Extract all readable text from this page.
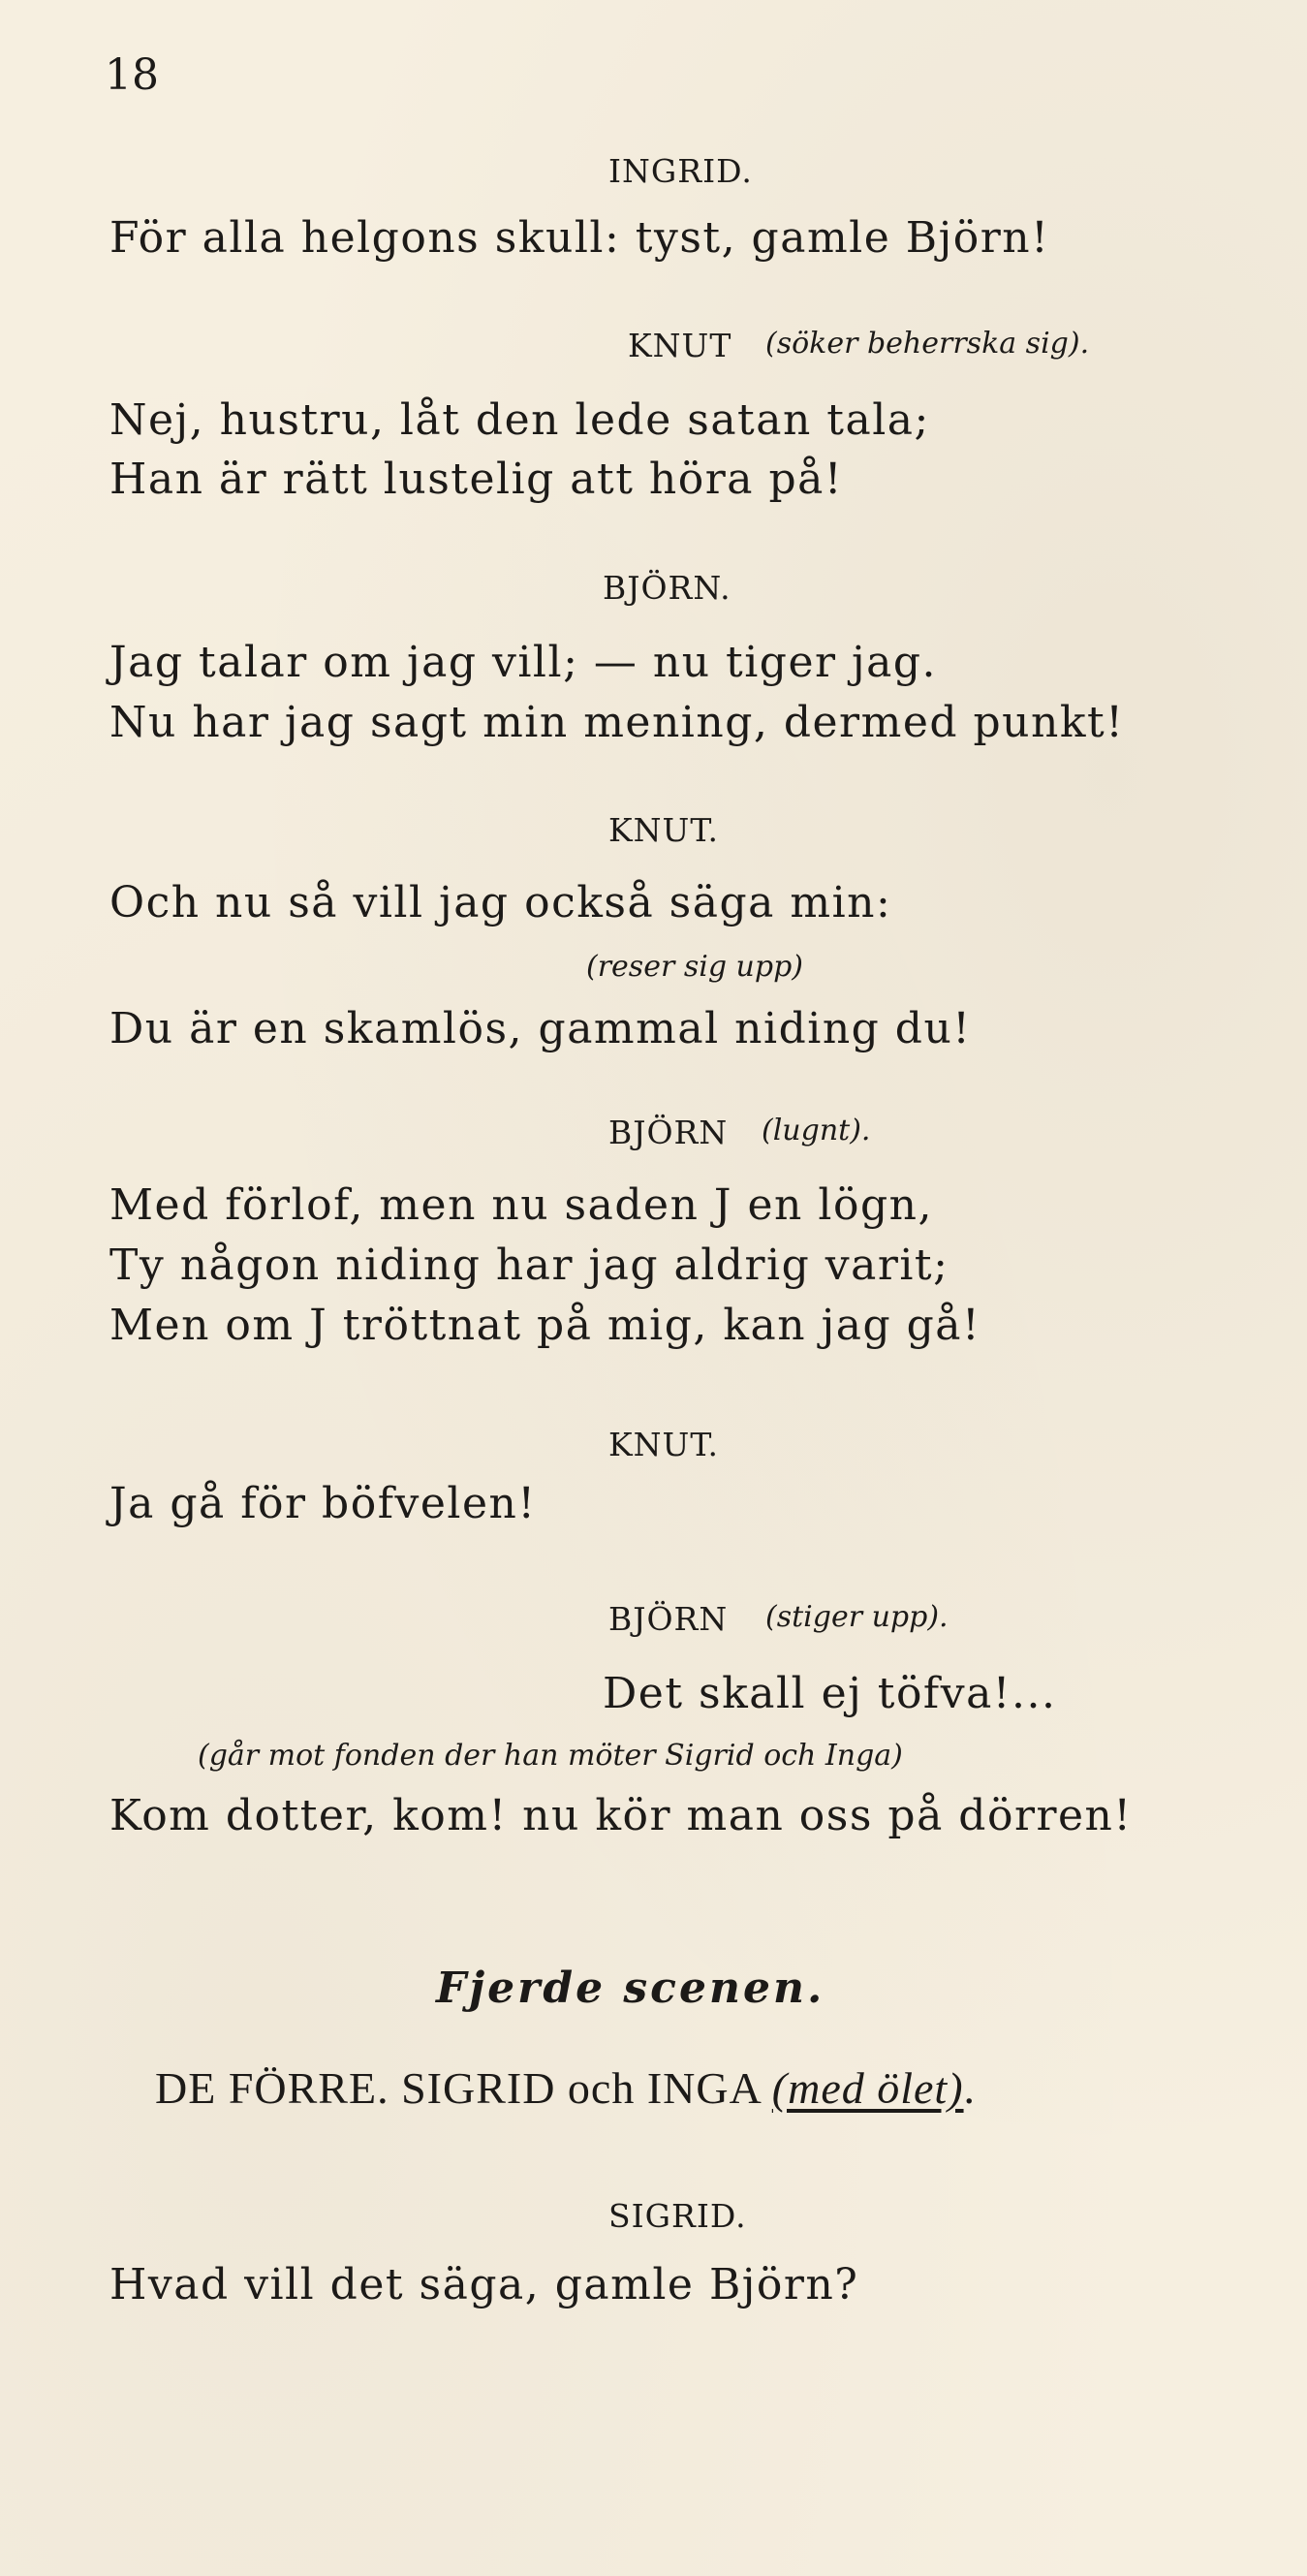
18
INGRID.
För alla helgons skull: tyst, gamle Björn!
KNUT (söker beherrska sig).
Nej, hustru, låt den lede satan tala;
Han är rätt lustelig att höra på!
BJÖRN.
Jag talar om jag vill; — nu tiger jag.
Nu har jag sagt min mening, dermed punkt!
KNUT.
Och nu så vill jag också säga min:
(reser sig upp)
Du är en skamlös, gammal niding du!
BJÖRN (lugnt).
Med förlof, men nu saden J en lögn,
Ty någon niding har jag aldrig varit;
Men om J tröttnat på mig, kan jag gå!
KNUT.
Ja gå för böfvelen!
BJÖRN (stiger upp).
Det skall ej töfva!...
(går mot fonden der han möter Sigrid och Inga)
Kom dotter, kom! nu kör man oss på dörren!
Fjerde scenen.
DE FÖRRE. SIGRID och INGA (med ölet).
SIGRID.
Hvad vill det säga, gamle Björn?
